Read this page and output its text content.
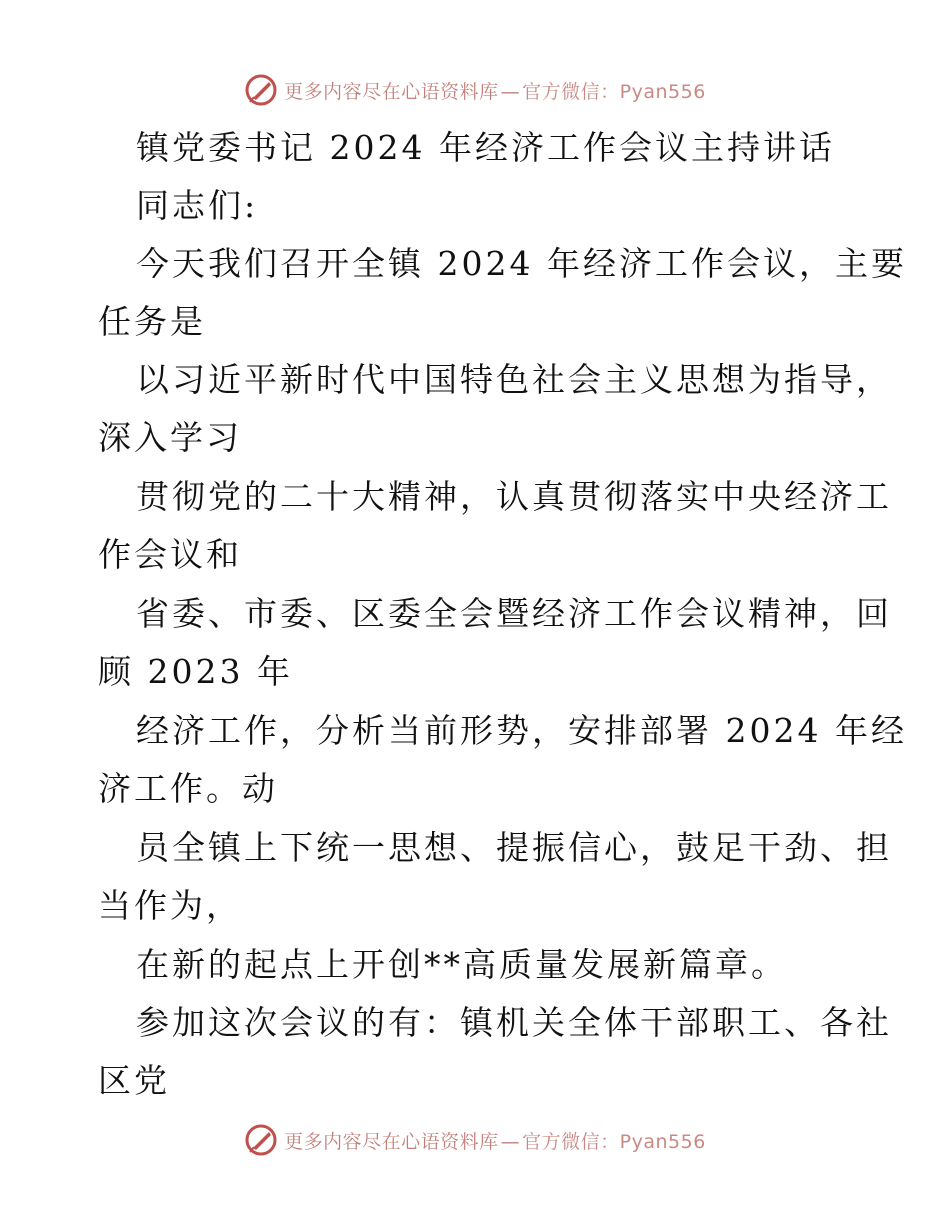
更多内容尽在心语资料库 — 官方微信：Pyan556
镇党委书记 2024 年经济工作会议主持讲话
同志们:
今天我们召开全镇 2024 年经济工作会议，主要
任务是
以习近平新时代中国特色社会主义思想为指导，
深入学习
贯彻党的二十大精神，认真贯彻落实中央经济工
作会议和
省委、市委、区委全会暨经济工作会议精神，回
顾 2023 年
经济工作，分析当前形势，安排部署 2024 年经
济工作。动
员全镇上下统一思想、提振信心，鼓足干劲、担
当作为，
在新的起点上开创**高质量发展新篇章。
参加这次会议的有：镇机关全体干部职工、各社
区党
更多内容尽在心语资料库 — 官方微信：Pyan556
